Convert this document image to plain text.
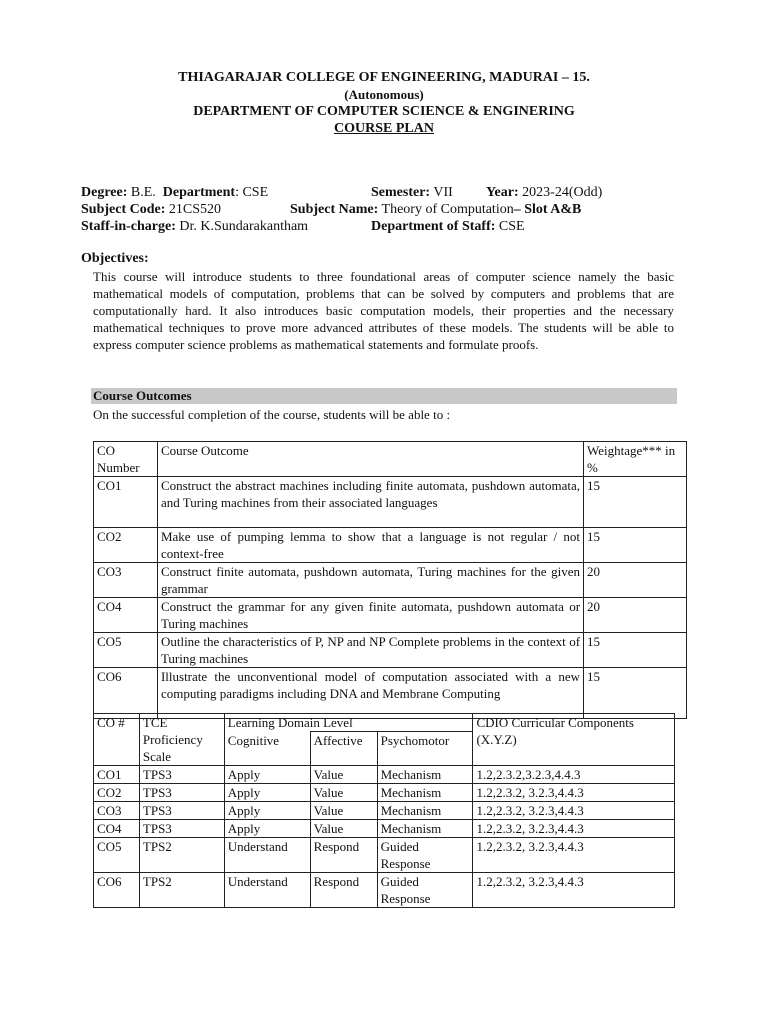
THIAGARAJAR COLLEGE OF ENGINEERING, MADURAI – 15.
(Autonomous)
DEPARTMENT OF COMPUTER SCIENCE & ENGINERING
COURSE PLAN
Degree: B.E. Department: CSE	Semester: VII Year: 2023-24(Odd)
Subject Code: 21CS520	Subject Name: Theory of Computation– Slot A&B
Staff-in-charge: Dr. K.Sundarakantham	Department of Staff: CSE
Objectives:
This course will introduce students to three foundational areas of computer science namely the basic mathematical models of computation, problems that can be solved by computers and problems that are computationally hard. It also introduces basic computation models, their properties and the necessary mathematical techniques to prove more advanced attributes of these models. The students will be able to express computer science problems as mathematical statements and formulate proofs.
Course Outcomes
On the successful completion of the course, students will be able to :
CO Number	Course Outcome	Weightage*** in %
CO1	Construct the abstract machines including finite automata, pushdown automata, and Turing machines from their associated languages	15
CO2	Make use of pumping lemma to show that a language is not regular / not context-free	15
CO3	Construct finite automata, pushdown automata, Turing machines for the given grammar	20
CO4	Construct the grammar for any given finite automata, pushdown automata or Turing machines	20
CO5	Outline the characteristics of P, NP and NP Complete problems in the context of Turing machines	15
CO6	Illustrate the unconventional model of computation associated with a new computing paradigms including DNA and Membrane Computing	15
CO #	TCE Proficiency Scale	Learning Domain Level			CDIO Curricular Components (X.Y.Z)
		Cognitive	Affective	Psychomotor	
CO1	TPS3	Apply	Value	Mechanism	1.2,2.3.2,3.2.3,4.4.3
CO2	TPS3	Apply	Value	Mechanism	1.2,2.3.2, 3.2.3,4.4.3
CO3	TPS3	Apply	Value	Mechanism	1.2,2.3.2, 3.2.3,4.4.3
CO4	TPS3	Apply	Value	Mechanism	1.2,2.3.2, 3.2.3,4.4.3
CO5	TPS2	Understand	Respond	Guided Response	1.2,2.3.2, 3.2.3,4.4.3
CO6	TPS2	Understand	Respond	Guided Response	1.2,2.3.2, 3.2.3,4.4.3
